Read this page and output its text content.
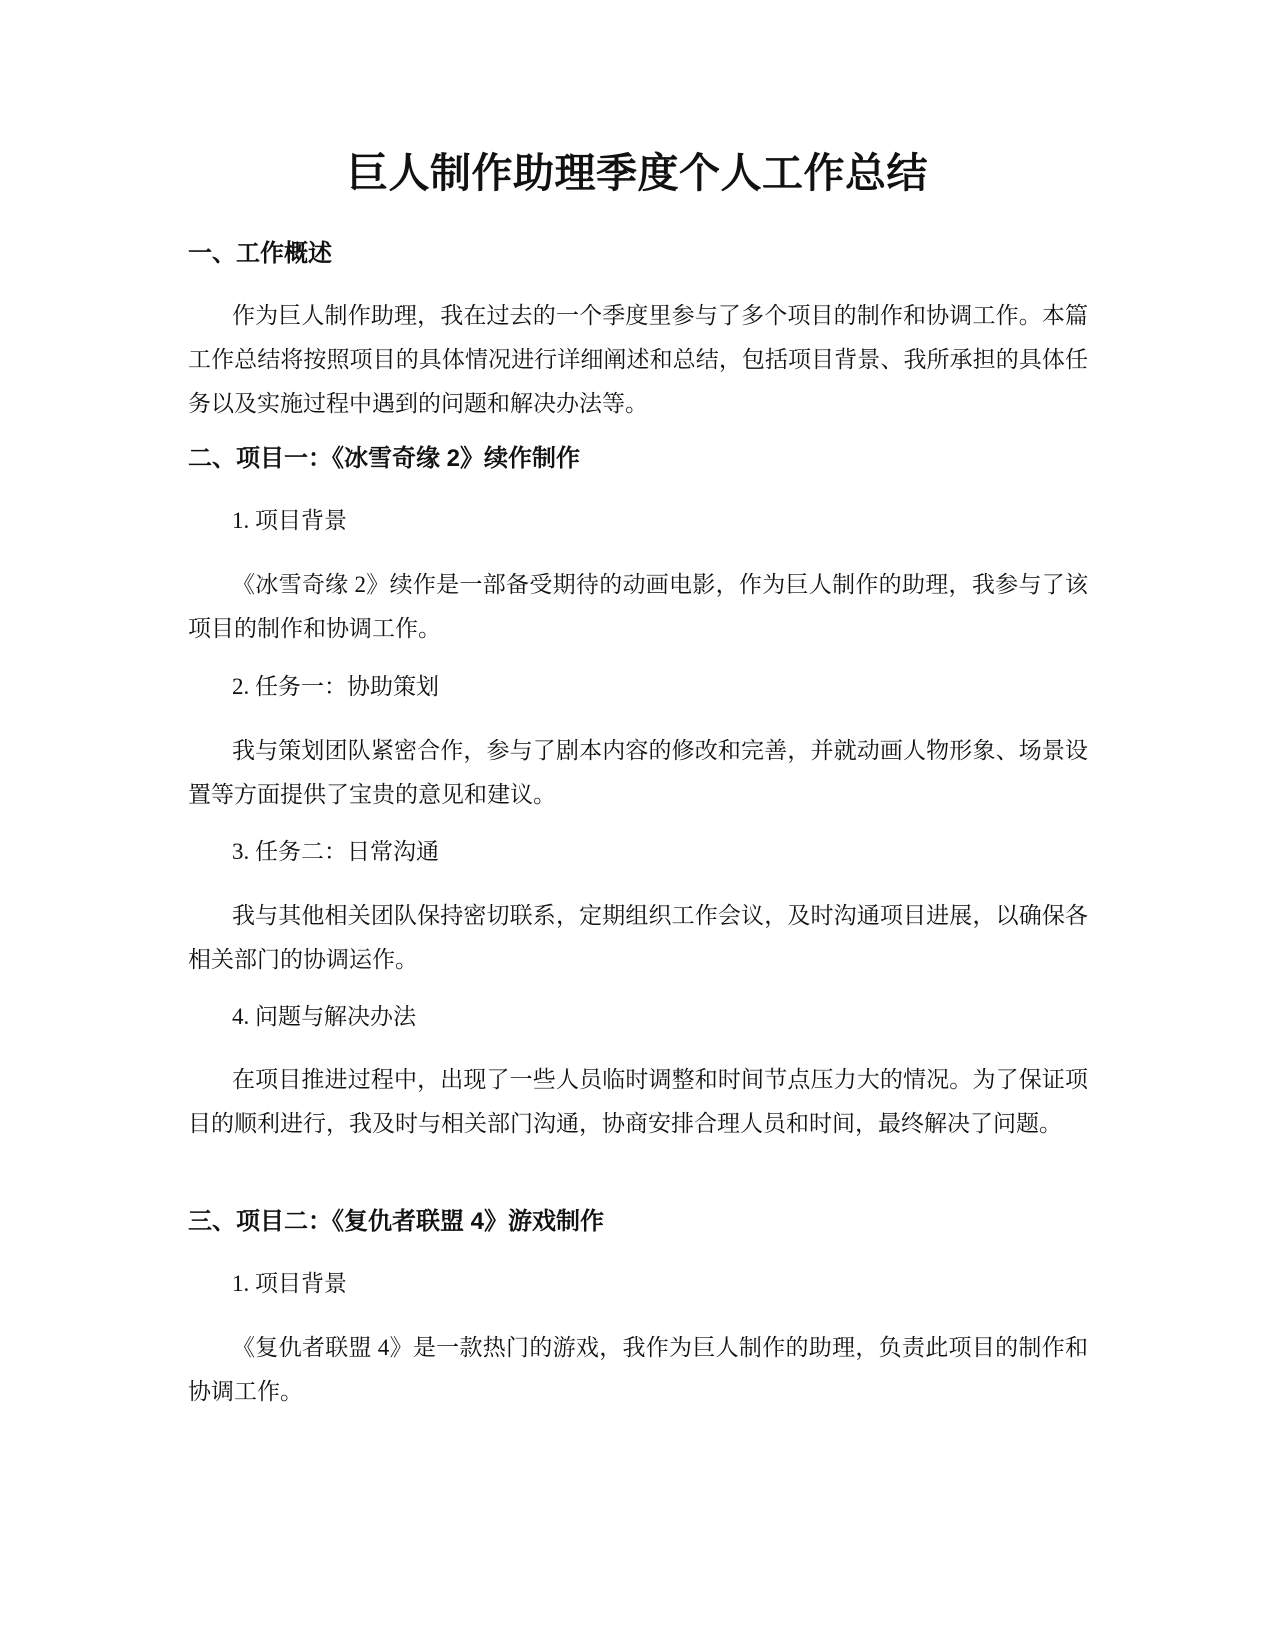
巨人制作助理季度个人工作总结
一、工作概述
作为巨人制作助理，我在过去的一个季度里参与了多个项目的制作和协调工作。本篇工作总结将按照项目的具体情况进行详细阐述和总结，包括项目背景、我所承担的具体任务以及实施过程中遇到的问题和解决办法等。
二、项目一：《冰雪奇缘 2》续作制作
1. 项目背景
《冰雪奇缘 2》续作是一部备受期待的动画电影，作为巨人制作的助理，我参与了该项目的制作和协调工作。
2. 任务一：协助策划
我与策划团队紧密合作，参与了剧本内容的修改和完善，并就动画人物形象、场景设置等方面提供了宝贵的意见和建议。
3. 任务二：日常沟通
我与其他相关团队保持密切联系，定期组织工作会议，及时沟通项目进展，以确保各相关部门的协调运作。
4. 问题与解决办法
在项目推进过程中，出现了一些人员临时调整和时间节点压力大的情况。为了保证项目的顺利进行，我及时与相关部门沟通，协商安排合理人员和时间，最终解决了问题。
三、项目二：《复仇者联盟 4》游戏制作
1. 项目背景
《复仇者联盟 4》是一款热门的游戏，我作为巨人制作的助理，负责此项目的制作和协调工作。
